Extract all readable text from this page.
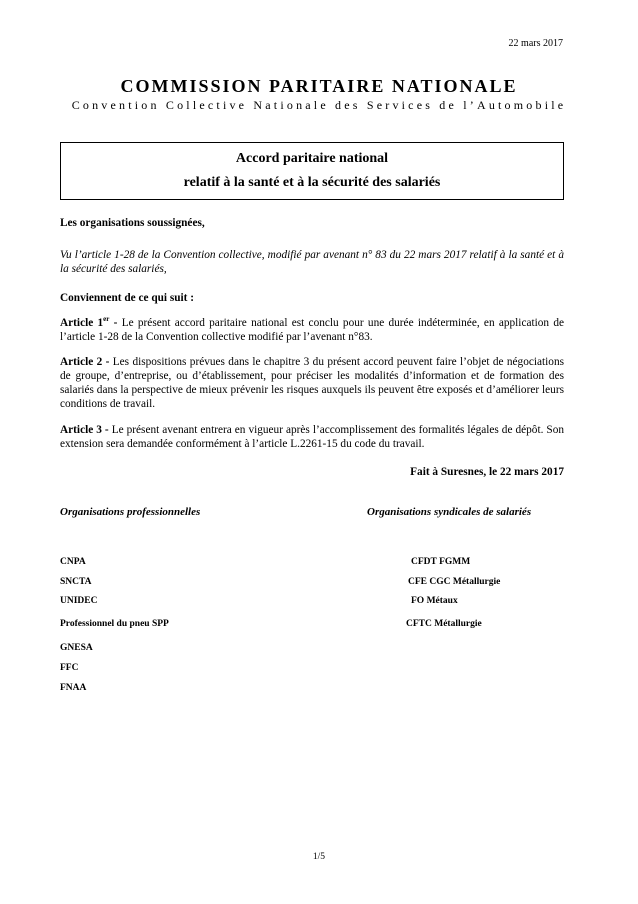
22 mars 2017
COMMISSION PARITAIRE NATIONALE
Convention Collective Nationale des Services de l’Automobile
Accord paritaire national
relatif à la santé et à la sécurité des salariés
Les organisations soussignées,
Vu l’article 1-28 de la Convention collective, modifié par avenant n° 83 du 22 mars 2017 relatif à la santé et à la sécurité des salariés,
Conviennent de ce qui suit :
Article 1er - Le présent accord paritaire national est conclu pour une durée indéterminée, en application de l’article 1-28 de la Convention collective modifié par l’avenant n°83.
Article 2 - Les dispositions prévues dans le chapitre 3 du présent accord peuvent faire l’objet de négociations de groupe, d’entreprise, ou d’établissement, pour préciser les modalités d’information et de formation des salariés dans la perspective de mieux prévenir les risques auxquels ils peuvent être exposés et d’améliorer leurs conditions de travail.
Article 3 - Le présent avenant entrera en vigueur après l’accomplissement des formalités légales de dépôt. Son extension sera demandée conformément à l’article L.2261-15 du code du travail.
Fait à Suresnes, le 22 mars 2017
Organisations professionnelles	Organisations syndicales de salariés
CNPA
SNCTA
UNIDEC
Professionnel du pneu SPP
GNESA
FFC
FNAA
CFDT FGMM
CFE CGC Métallurgie
FO Métaux
CFTC Métallurgie
1/5
